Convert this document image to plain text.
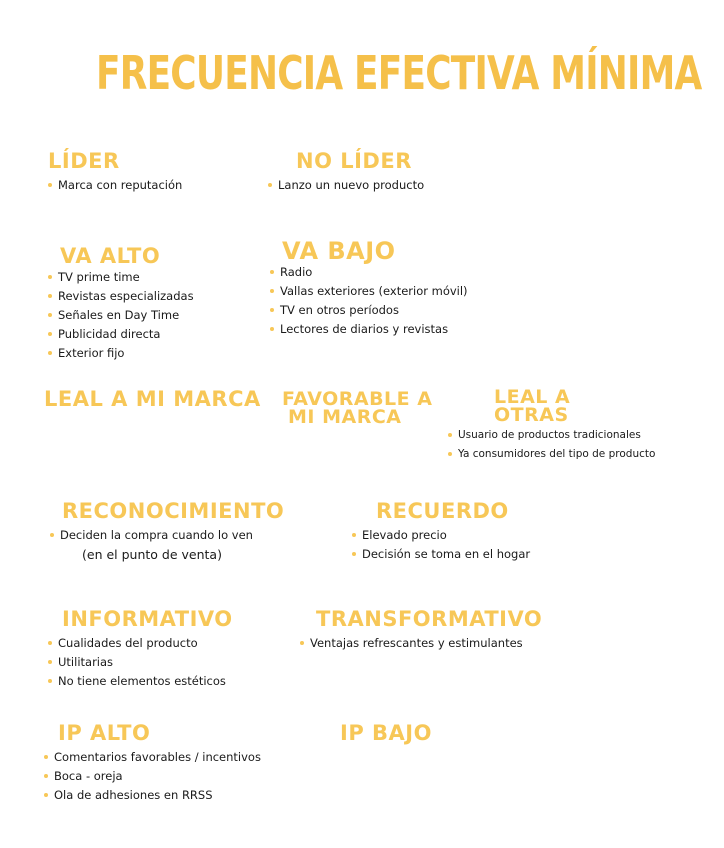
FRECUENCIA EFECTIVA MÍNIMA
LÍDER
Marca con reputación
NO LÍDER
Lanzo un nuevo producto
VA ALTO
TV prime time
Revistas especializadas
Señales en Day Time
Publicidad directa
Exterior fijo
VA BAJO
Radio
Vallas exteriores (exterior móvil)
TV en otros períodos
Lectores de diarios y revistas
LEAL A MI MARCA FAVORABLE A
MI MARCA
LEAL A
OTRAS
Usuario de productos tradicionales
Ya consumidores del tipo de producto
RECONOCIMIENTO
Deciden la compra cuando lo ven
(en el punto de venta)
RECUERDO
Elevado precio
Decisión se toma en el hogar
INFORMATIVO
Cualidades del producto
Utilitarias
No tiene elementos estéticos
TRANSFORMATIVO
Ventajas refrescantes y estimulantes
IP ALTO
Comentarios favorables / incentivos
Boca - oreja
Ola de adhesiones en RRSS
IP BAJO
